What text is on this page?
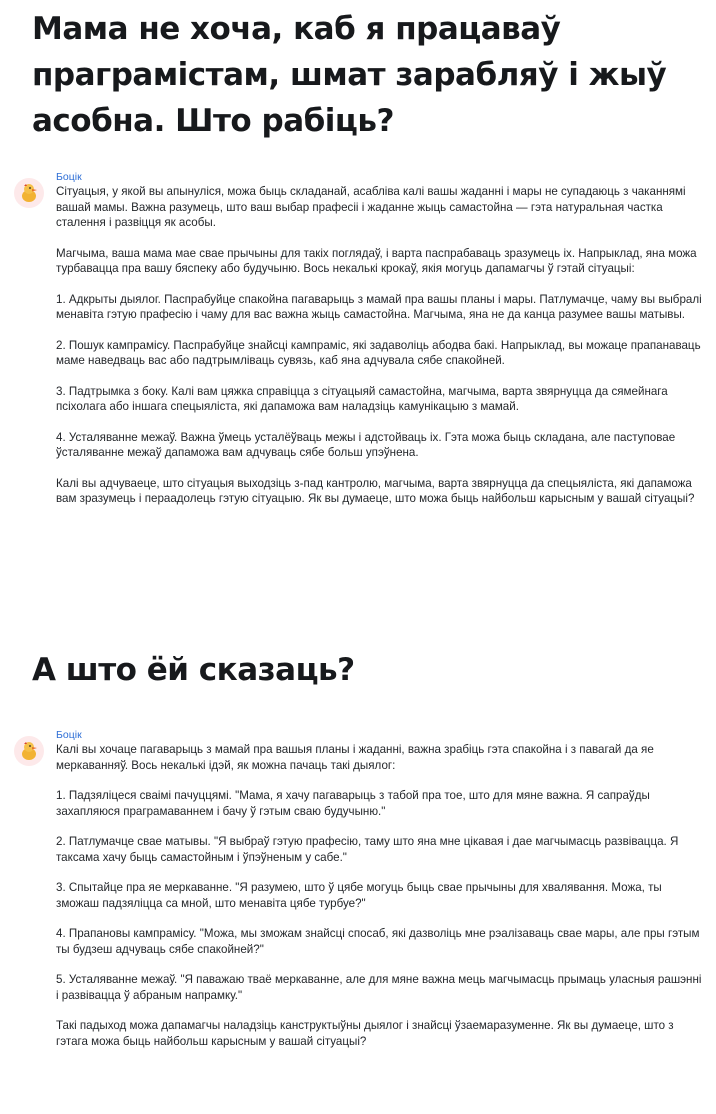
Мама не хоча, каб я працаваў праграмістам, шмат зарабляў і жыў асобна. Што рабіць?
Боцік

Сітуацыя, у якой вы апынуліся, можа быць складанай, асабліва калі вашы жаданні і мары не супадаюць з чаканнямі вашай мамы. Важна разумець, што ваш выбар прафесіі і жаданне жыць самастойна — гэта натуральная частка сталення і развіцця як асобы.

Магчыма, ваша мама мае свае прычыны для такіх поглядаў, і варта паспрабаваць зразумець іх. Напрыклад, яна можа турбавацца пра вашу бяспеку або будучыню. Вось некалькі крокаў, якія могуць дапамагчы ў гэтай сітуацыі:

1. Адкрыты дыялог. Паспрабуйце спакойна пагаварыць з мамай пра вашы планы і мары. Патлумачце, чаму вы выбралі менавіта гэтую прафесію і чаму для вас важна жыць самастойна. Магчыма, яна не да канца разумее вашы матывы.

2. Пошук кампрамісу. Паспрабуйце знайсці кампраміс, які задаволіць абодва бакі. Напрыклад, вы можаце прапанаваць маме наведваць вас або падтрымліваць сувязь, каб яна адчувала сябе спакойней.

3. Падтрымка з боку. Калі вам цяжка справіцца з сітуацыяй самастойна, магчыма, варта звярнуцца да сямейнага псіхолага або іншага спецыяліста, які дапаможа вам наладзіць камунікацыю з мамай.

4. Усталяванне межаў. Важна ўмець усталёўваць межы і адстойваць іх. Гэта можа быць складана, але паступовае ўсталяванне межаў дапаможа вам адчуваць сябе больш упэўнена.

Калі вы адчуваеце, што сітуацыя выходзіць з-пад кантролю, магчыма, варта звярнуцца да спецыяліста, які дапаможа вам зразумець і пераадолець гэтую сітуацыю. Як вы думаеце, што можа быць найбольш карысным у вашай сітуацыі?

А што ёй сказаць?
Боцік

Калі вы хочаце пагаварыць з мамай пра вашыя планы і жаданні, важна зрабіць гэта спакойна і з павагай да яе меркаванняў. Вось некалькі ідэй, як можна пачаць такі дыялог:

1. Падзяліцеся сваімі пачуццямі. "Мама, я хачу пагаварыць з табой пра тое, што для мяне важна. Я сапраўды захапляюся праграмаваннем і бачу ў гэтым сваю будучыню."

2. Патлумачце свае матывы. "Я выбраў гэтую прафесію, таму што яна мне цікавая і дае магчымасць развівацца. Я таксама хачу быць самастойным і ўпэўненым у сабе."

3. Спытайце пра яе меркаванне. "Я разумею, што ў цябе могуць быць свае прычыны для хвалявання. Можа, ты зможаш падзяліцца са мной, што менавіта цябе турбуе?"

4. Прапановы кампрамісу. "Можа, мы зможам знайсці спосаб, які дазволіць мне рэалізаваць свае мары, але пры гэтым ты будзеш адчуваць сябе спакойней?"

5. Усталяванне межаў. "Я паважаю тваё меркаванне, але для мяне важна мець магчымасць прымаць уласныя рашэнні і развівацца ў абраным напрамку."

Такі падыход можа дапамагчы наладзіць канструктыўны дыялог і знайсці ўзаемаразуменне. Як вы думаеце, што з гэтага можа быць найбольш карысным у вашай сітуацыі?
